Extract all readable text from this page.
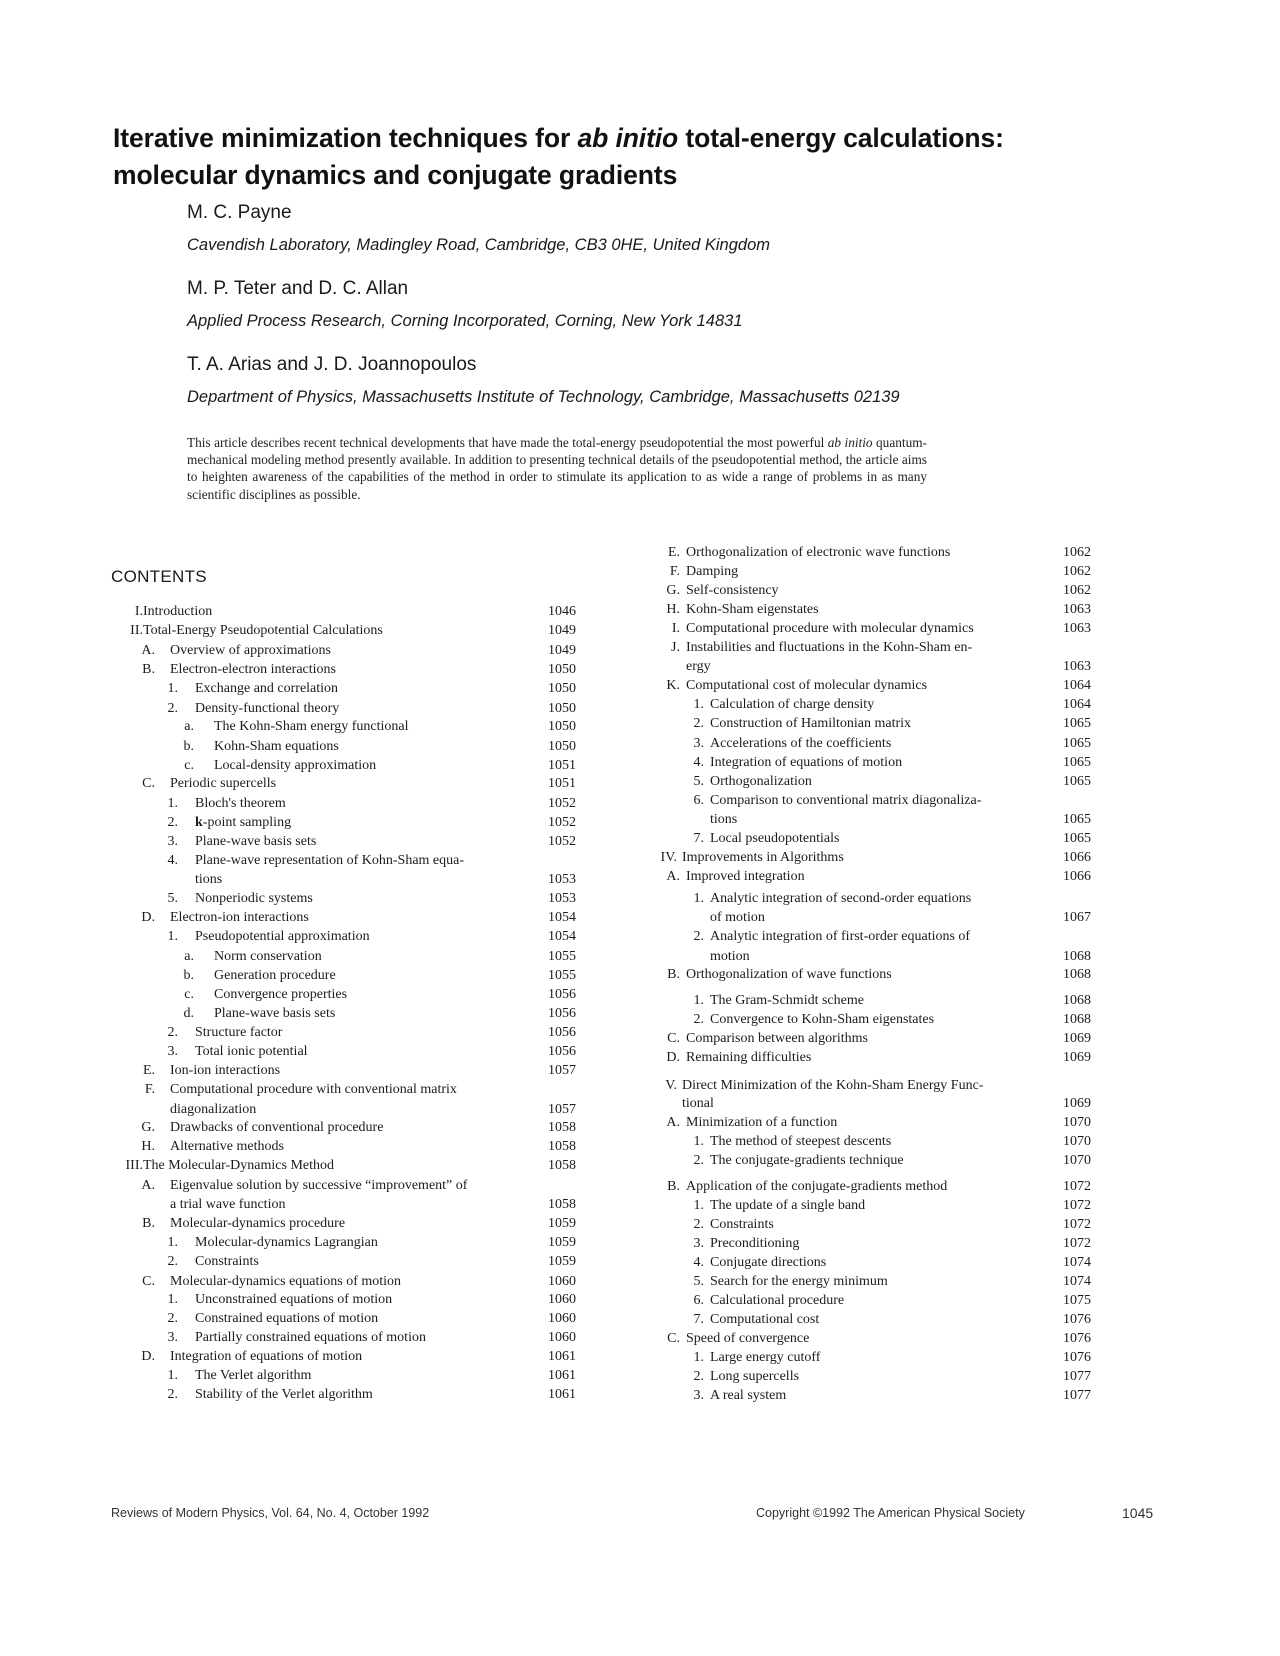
Iterative minimization techniques for ab initio total-energy calculations:
molecular dynamics and conjugate gradients
M. C. Payne
Cavendish Laboratory, Madingley Road, Cambridge, CB3 0HE, United Kingdom
M. P. Teter and D. C. Allan
Applied Process Research, Corning Incorporated, Corning, New York 14831
T. A. Arias and J. D. Joannopoulos
Department of Physics, Massachusetts Institute of Technology, Cambridge, Massachusetts 02139
This article describes recent technical developments that have made the total-energy pseudopotential the most powerful ab initio quantum-mechanical modeling method presently available. In addition to presenting technical details of the pseudopotential method, the article aims to heighten awareness of the capabilities of the method in order to stimulate its application to as wide a range of problems in as many scientific disciplines as possible.
CONTENTS
I. Introduction	1046
II. Total-Energy Pseudopotential Calculations	1049
A. Overview of approximations	1049
B. Electron-electron interactions	1050
1. Exchange and correlation	1050
2. Density-functional theory	1050
a. The Kohn-Sham energy functional	1050
b. Kohn-Sham equations	1050
c. Local-density approximation	1051
C. Periodic supercells	1051
1. Bloch's theorem	1052
2. k-point sampling	1052
3. Plane-wave basis sets	1052
4. Plane-wave representation of Kohn-Sham equa-
tions	1053
5. Nonperiodic systems	1053
D. Electron-ion interactions	1054
1. Pseudopotential approximation	1054
a. Norm conservation	1055
b. Generation procedure	1055
c. Convergence properties	1056
d. Plane-wave basis sets	1056
2. Structure factor	1056
3. Total ionic potential	1056
E. Ion-ion interactions	1057
F. Computational procedure with conventional matrix
diagonalization	1057
G. Drawbacks of conventional procedure	1058
H. Alternative methods	1058
III. The Molecular-Dynamics Method	1058
A. Eigenvalue solution by successive “improvement” of
a trial wave function	1058
B. Molecular-dynamics procedure	1059
1. Molecular-dynamics Lagrangian	1059
2. Constraints	1059
C. Molecular-dynamics equations of motion	1060
1. Unconstrained equations of motion	1060
2. Constrained equations of motion	1060
3. Partially constrained equations of motion	1060
D. Integration of equations of motion	1061
1. The Verlet algorithm	1061
2. Stability of the Verlet algorithm	1061
E. Orthogonalization of electronic wave functions	1062
F. Damping	1062
G. Self-consistency	1062
H. Kohn-Sham eigenstates	1063
I. Computational procedure with molecular dynamics	1063
J. Instabilities and fluctuations in the Kohn-Sham en-
ergy	1063
K. Computational cost of molecular dynamics	1064
1. Calculation of charge density	1064
2. Construction of Hamiltonian matrix	1065
3. Accelerations of the coefficients	1065
4. Integration of equations of motion	1065
5. Orthogonalization	1065
6. Comparison to conventional matrix diagonaliza-
tions	1065
7. Local pseudopotentials	1065
IV. Improvements in Algorithms	1066
A. Improved integration	1066
1. Analytic integration of second-order equations
of motion	1067
2. Analytic integration of first-order equations of
motion	1068
B. Orthogonalization of wave functions	1068
1. The Gram-Schmidt scheme	1068
2. Convergence to Kohn-Sham eigenstates	1068
C. Comparison between algorithms	1069
D. Remaining difficulties	1069
V. Direct Minimization of the Kohn-Sham Energy Func-
tional	1069
A. Minimization of a function	1070
1. The method of steepest descents	1070
2. The conjugate-gradients technique	1070
B. Application of the conjugate-gradients method	1072
1. The update of a single band	1072
2. Constraints	1072
3. Preconditioning	1072
4. Conjugate directions	1074
5. Search for the energy minimum	1074
6. Calculational procedure	1075
7. Computational cost	1076
C. Speed of convergence	1076
1. Large energy cutoff	1076
2. Long supercells	1077
3. A real system	1077
Reviews of Modern Physics, Vol. 64, No. 4, October 1992	Copyright ©1992 The American Physical Society	1045
